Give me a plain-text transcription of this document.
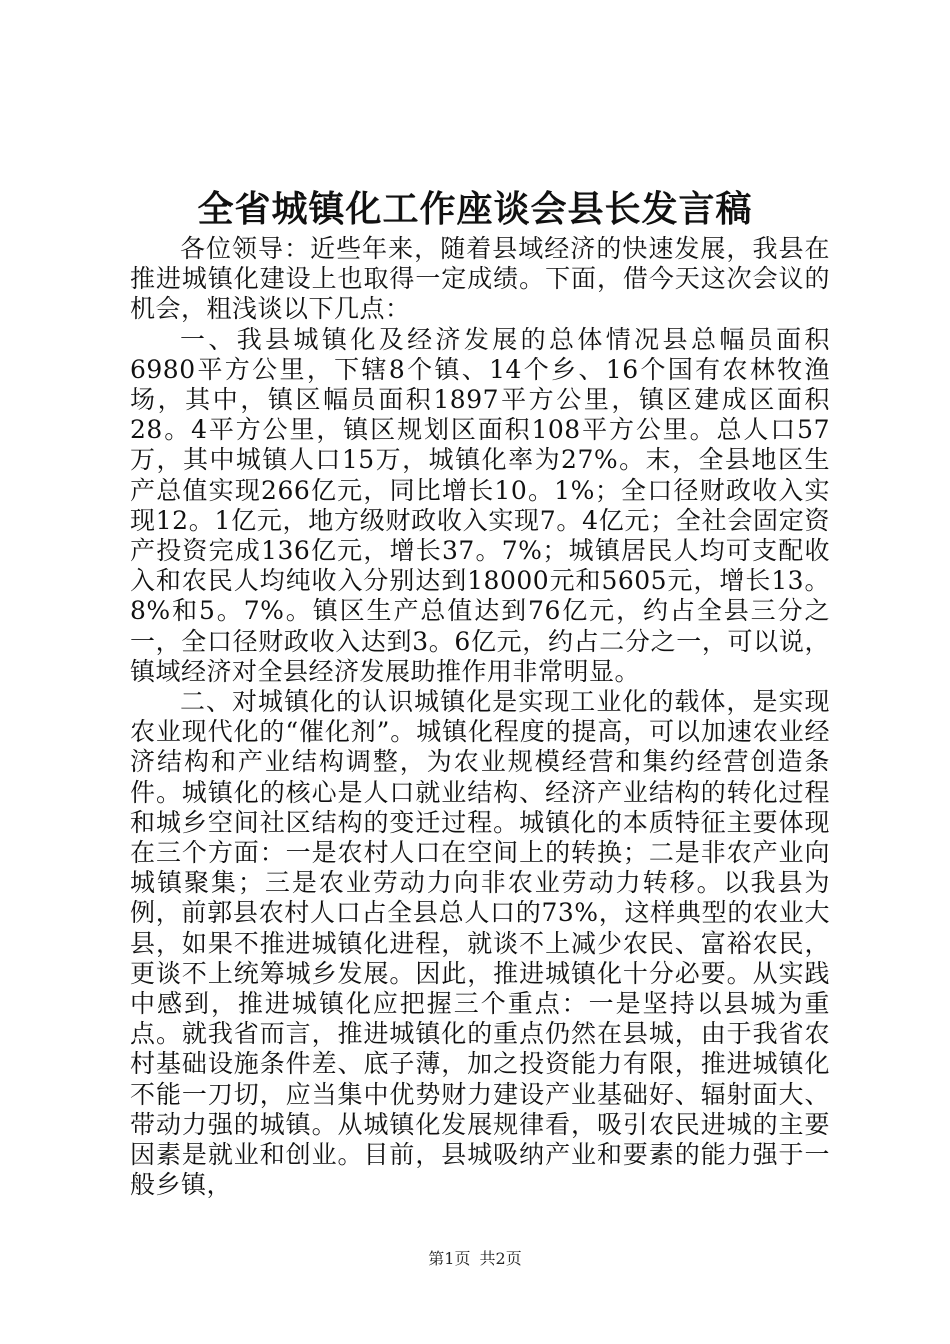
全省城镇化工作座谈会县长发言稿

各位领导：近些年来，随着县域经济的快速发展，我县在推进城镇化建设上也取得一定成绩。下面，借今天这次会议的机会，粗浅谈以下几点：

一、我县城镇化及经济发展的总体情况县总幅员面积6980平方公里，下辖8个镇、14个乡、16个国有农林牧渔场，其中，镇区幅员面积1897平方公里，镇区建成区面积28。4平方公里，镇区规划区面积108平方公里。总人口57万，其中城镇人口15万，城镇化率为27%。末，全县地区生产总值实现266亿元，同比增长10。1%；全口径财政收入实现12。1亿元，地方级财政收入实现7。4亿元；全社会固定资产投资完成136亿元，增长37。7%；城镇居民人均可支配收入和农民人均纯收入分别达到18000元和5605元，增长13。8%和5。7%。镇区生产总值达到76亿元，约占全县三分之一，全口径财政收入达到3。6亿元，约占二分之一，可以说，镇域经济对全县经济发展助推作用非常明显。

二、对城镇化的认识城镇化是实现工业化的载体，是实现农业现代化的“催化剂”。城镇化程度的提高，可以加速农业经济结构和产业结构调整，为农业规模经营和集约经营创造条件。城镇化的核心是人口就业结构、经济产业结构的转化过程和城乡空间社区结构的变迁过程。城镇化的本质特征主要体现在三个方面：一是农村人口在空间上的转换；二是非农产业向城镇聚集；三是农业劳动力向非农业劳动力转移。以我县为例，前郭县农村人口占全县总人口的73%，这样典型的农业大县，如果不推进城镇化进程，就谈不上减少农民、富裕农民，更谈不上统筹城乡发展。因此，推进城镇化十分必要。从实践中感到，推进城镇化应把握三个重点：一是坚持以县城为重点。就我省而言，推进城镇化的重点仍然在县城，由于我省农村基础设施条件差、底子薄，加之投资能力有限，推进城镇化不能一刀切，应当集中优势财力建设产业基础好、辐射面大、带动力强的城镇。从城镇化发展规律看，吸引农民进城的主要因素是就业和创业。目前，县城吸纳产业和要素的能力强于一般乡镇，

第1页 共2页
